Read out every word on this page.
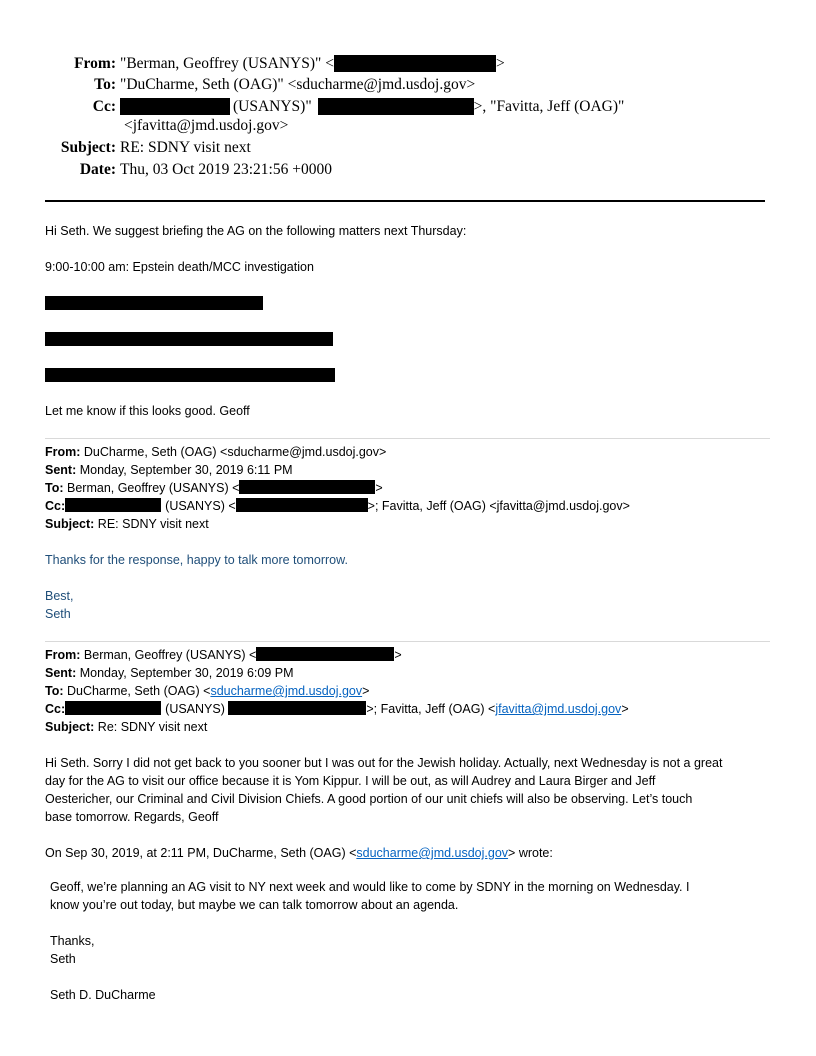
From: "Berman, Geoffrey (USANYS)" <	>
To: "DuCharme, Seth (OAG)" <sducharme@jmd.usdoj.gov>
Cc:	(USANYS)"	>, "Favitta, Jeff (OAG)"
<jfavitta@jmd.usdoj.gov>
Subject: RE: SDNY visit next
Date: Thu, 03 Oct 2019 23:21:56 +0000
Hi Seth. We suggest briefing the AG on the following matters next Thursday:
9:00-10:00 am: Epstein death/MCC investigation
Let me know if this looks good. Geoff
From: DuCharme, Seth (OAG) <sducharme@jmd.usdoj.gov>
Sent: Monday, September 30, 2019 6:11 PM
To: Berman, Geoffrey (USANYS) <	>
Cc:	(USANYS) <	>; Favitta, Jeff (OAG) <jfavitta@jmd.usdoj.gov>
Subject: RE: SDNY visit next
Thanks for the response, happy to talk more tomorrow.
Best,
Seth
From: Berman, Geoffrey (USANYS) <	>
Sent: Monday, September 30, 2019 6:09 PM
To: DuCharme, Seth (OAG) <sducharme@jmd.usdoj.gov>
Cc:	(USANYS)	>; Favitta, Jeff (OAG) <jfavitta@jmd.usdoj.gov>
Subject: Re: SDNY visit next
Hi Seth. Sorry I did not get back to you sooner but I was out for the Jewish holiday. Actually, next Wednesday is not a great
day for the AG to visit our office because it is Yom Kippur. I will be out, as will Audrey and Laura Birger and Jeff
Oestericher, our Criminal and Civil Division Chiefs. A good portion of our unit chiefs will also be observing. Let’s touch
base tomorrow. Regards, Geoff
On Sep 30, 2019, at 2:11 PM, DuCharme, Seth (OAG) <sducharme@jmd.usdoj.gov> wrote:
Geoff, we’re planning an AG visit to NY next week and would like to come by SDNY in the morning on Wednesday. I
know you’re out today, but maybe we can talk tomorrow about an agenda.
Thanks,
Seth
Seth D. DuCharme
